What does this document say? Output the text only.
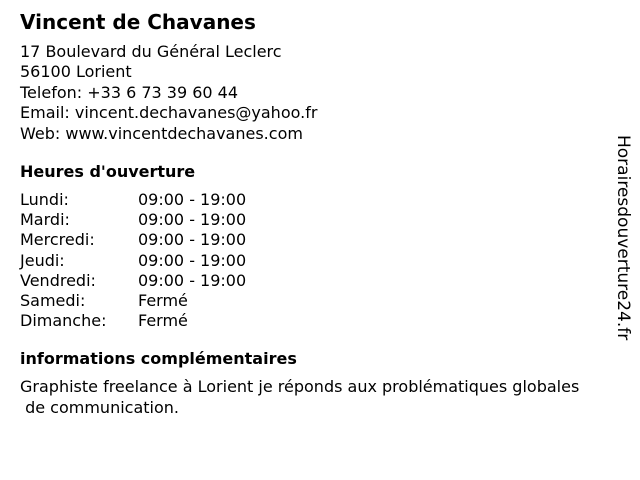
Vincent de Chavanes
17 Boulevard du Général Leclerc
56100 Lorient
Telefon: +33 6 73 39 60 44
Email: vincent.dechavanes@yahoo.fr
Web: www.vincentdechavanes.com
Heures d'ouverture
Lundi:	09:00 - 19:00
Mardi:	09:00 - 19:00
Mercredi:	09:00 - 19:00
Jeudi:	09:00 - 19:00
Vendredi:	09:00 - 19:00
Samedi:	Fermé
Dimanche:	Fermé
informations complémentaires
Graphiste freelance à Lorient je réponds aux problématiques globales
de communication.
Horairesdouverture24.fr
